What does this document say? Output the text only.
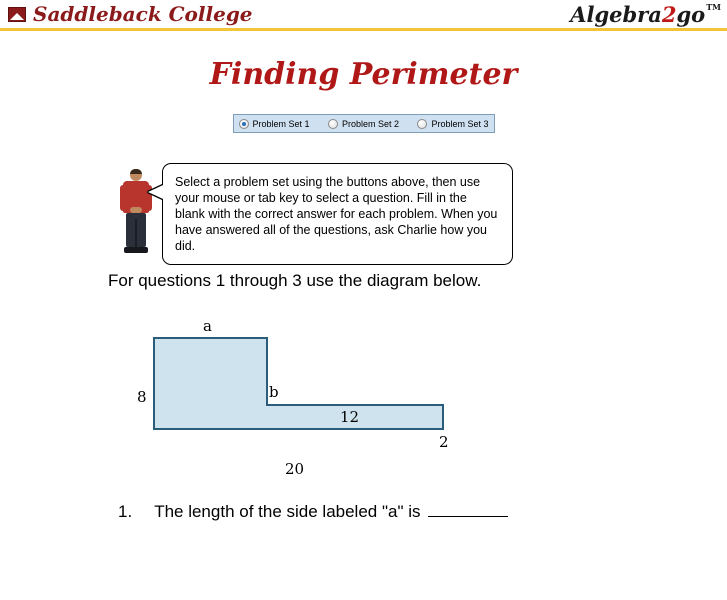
Saddleback College	Algebra 2 go TM
Finding Perimeter
Problem Set 1	Problem Set 2	Problem Set 3
Select a problem set using the buttons above, then use your mouse or tab key to select a question. Fill in the blank with the correct answer for each problem. When you have answered all of the questions, ask Charlie how you did.
For questions 1 through 3 use the diagram below.
a
8	b
12
2
20
1. The length of the side labeled "a" is
